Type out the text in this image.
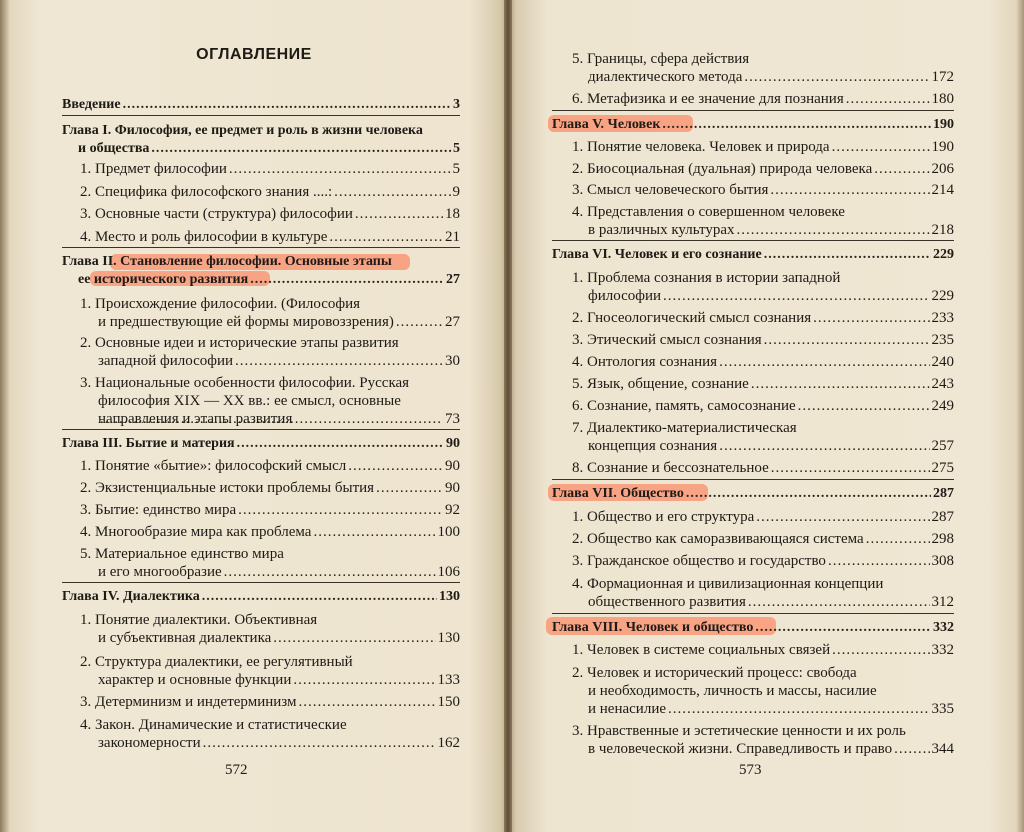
ОГЛАВЛЕНИЕ
Введение .....	3
Глава I. Философия, ее предмет и роль в жизни человека
и общества .....	5
1. Предмет философии .....	5
2. Специфика философского знания ....: .....	9
3. Основные части (структура) философии .....	18
4. Место и роль философии в культуре .....	21
Глава II. Становление философии. Основные этапы
ее исторического развития .....	27
1. Происхождение философии. (Философия
и предшествующие ей формы мировоззрения) .....	27
2. Основные идеи и исторические этапы развития
западной философии .....	30
3. Национальные особенности философии. Русская
философия XIX — XX вв.: ее смысл, основные
направления и этапы развития .....	73
Глава III. Бытие и материя .....	90
1. Понятие «бытие»: философский смысл .....	90
2. Экзистенциальные истоки проблемы бытия .....	90
3. Бытие: единство мира .....	92
4. Многообразие мира как проблема .....	100
5. Материальное единство мира
и его многообразие .....	106
Глава IV. Диалектика .....	130
1. Понятие диалектики. Объективная
и субъективная диалектика .....	130
2. Структура диалектики, ее регулятивный
характер и основные функции .....	133
3. Детерминизм и индетерминизм .....	150
4. Закон. Динамические и статистические
закономерности .....	162
572
5. Границы, сфера действия
диалектического метода .....	172
6. Метафизика и ее значение для познания .....	180
Глава V. Человек .....	190
1. Понятие человека. Человек и природа .....	190
2. Биосоциальная (дуальная) природа человека .....	206
3. Смысл человеческого бытия .....	214
4. Представления о совершенном человеке
в различных культурах .....	218
Глава VI. Человек и его сознание .....	229
1. Проблема сознания в истории западной
философии .....	229
2. Гносеологический смысл сознания .....	233
3. Этический смысл сознания .....	235
4. Онтология сознания .....	240
5. Язык, общение, сознание .....	243
6. Сознание, память, самосознание .....	249
7. Диалектико-материалистическая
концепция сознания .....	257
8. Сознание и бессознательное .....	275
Глава VII. Общество .....	287
1. Общество и его структура .....	287
2. Общество как саморазвивающаяся система .....	298
3. Гражданское общество и государство .....	308
4. Формационная и цивилизационная концепции
общественного развития .....	312
Глава VIII. Человек и общество .....	332
1. Человек в системе социальных связей .....	332
2. Человек и исторический процесс: свобода
и необходимость, личность и массы, насилие
и ненасилие .....	335
3. Нравственные и эстетические ценности и их роль
в человеческой жизни. Справедливость и право .....	344
573
